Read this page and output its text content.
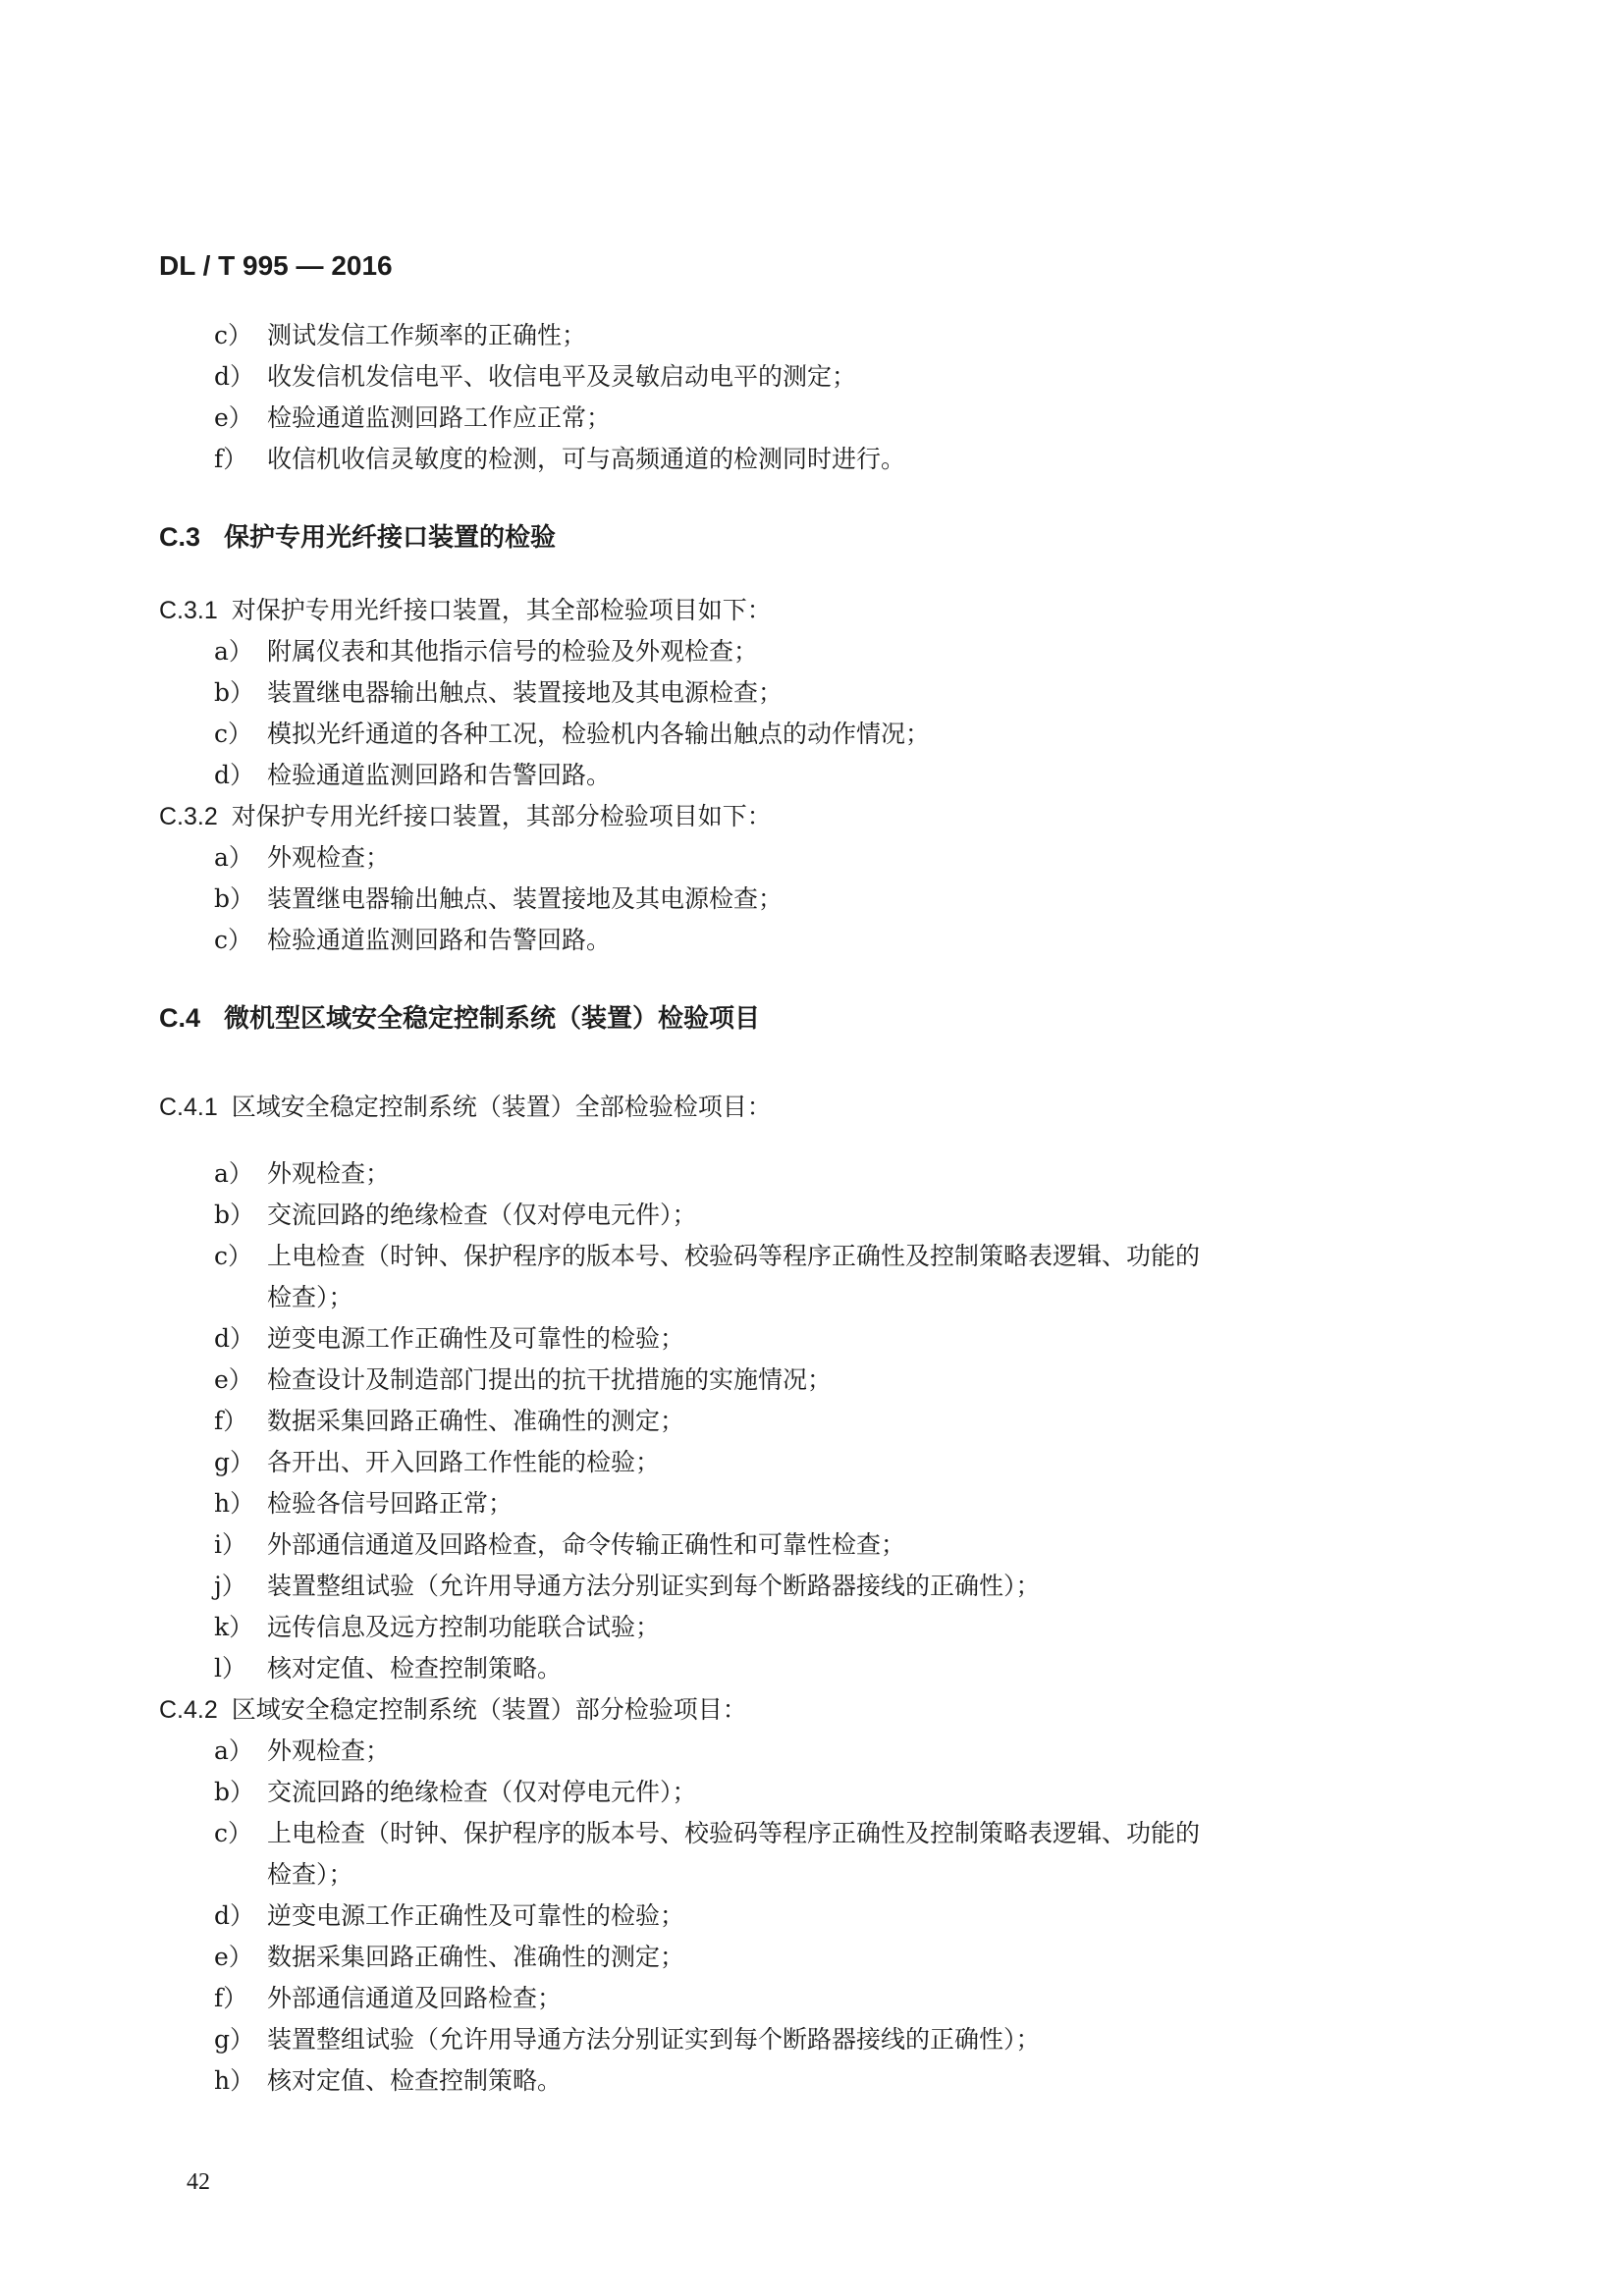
DL / T 995 — 2016
c） 测试发信工作频率的正确性；
d） 收发信机发信电平、收信电平及灵敏启动电平的测定；
e） 检验通道监测回路工作应正常；
f） 收信机收信灵敏度的检测，可与高频通道的检测同时进行。
C.3 保护专用光纤接口装置的检验
C.3.1 对保护专用光纤接口装置，其全部检验项目如下：
a） 附属仪表和其他指示信号的检验及外观检查；
b） 装置继电器输出触点、装置接地及其电源检查；
c） 模拟光纤通道的各种工况，检验机内各输出触点的动作情况；
d） 检验通道监测回路和告警回路。
C.3.2 对保护专用光纤接口装置，其部分检验项目如下：
a） 外观检查；
b） 装置继电器输出触点、装置接地及其电源检查；
c） 检验通道监测回路和告警回路。
C.4 微机型区域安全稳定控制系统（装置）检验项目
C.4.1 区域安全稳定控制系统（装置）全部检验检项目：
a） 外观检查；
b） 交流回路的绝缘检查（仅对停电元件）；
c） 上电检查（时钟、保护程序的版本号、校验码等程序正确性及控制策略表逻辑、功能的
检查）；
d） 逆变电源工作正确性及可靠性的检验；
e） 检查设计及制造部门提出的抗干扰措施的实施情况；
f） 数据采集回路正确性、准确性的测定；
g） 各开出、开入回路工作性能的检验；
h） 检验各信号回路正常；
i） 外部通信通道及回路检查，命令传输正确性和可靠性检查；
j） 装置整组试验（允许用导通方法分别证实到每个断路器接线的正确性）；
k） 远传信息及远方控制功能联合试验；
l） 核对定值、检查控制策略。
C.4.2 区域安全稳定控制系统（装置）部分检验项目：
a） 外观检查；
b） 交流回路的绝缘检查（仅对停电元件）；
c） 上电检查（时钟、保护程序的版本号、校验码等程序正确性及控制策略表逻辑、功能的
检查）；
d） 逆变电源工作正确性及可靠性的检验；
e） 数据采集回路正确性、准确性的测定；
f） 外部通信通道及回路检查；
g） 装置整组试验（允许用导通方法分别证实到每个断路器接线的正确性）；
h） 核对定值、检查控制策略。
42
